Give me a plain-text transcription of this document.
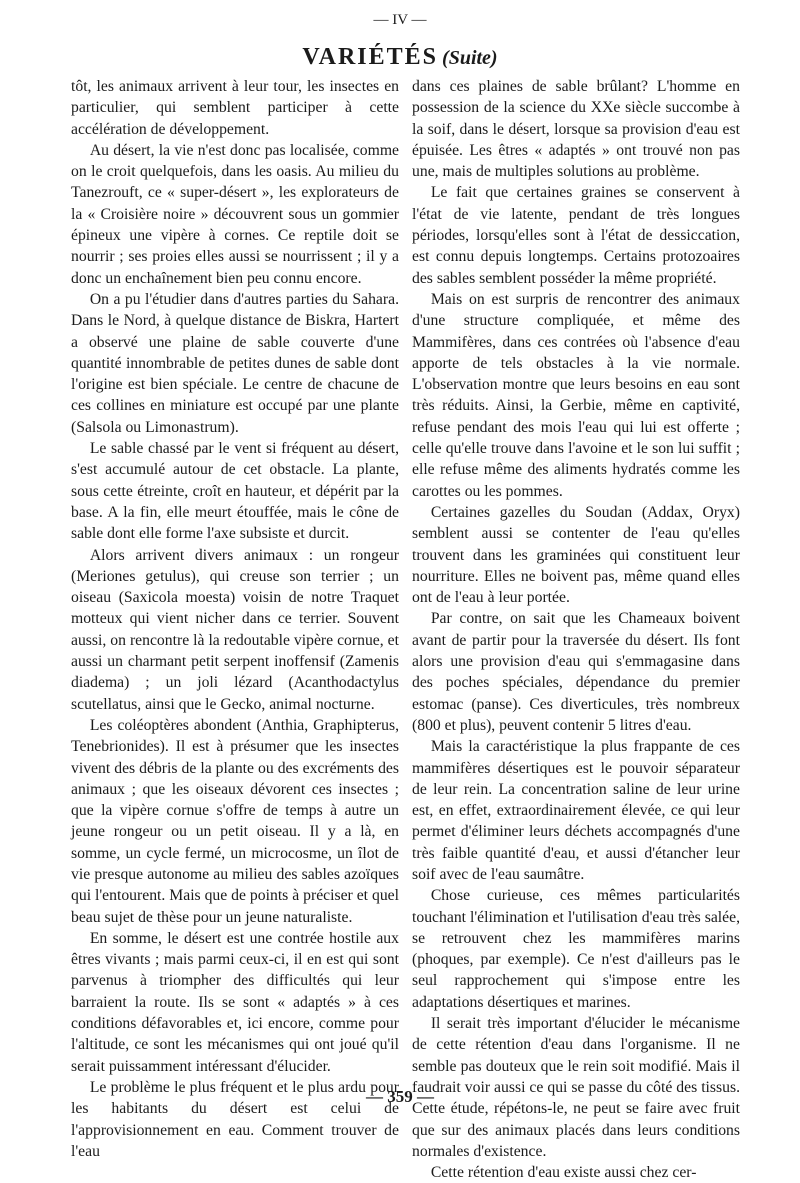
— IV —
VARIÉTÉS (Suite)

tôt, les animaux arrivent à leur tour, les insectes en particulier, qui semblent participer à cette accélération de développement.

Au désert, la vie n'est donc pas localisée, comme on le croit quelquefois, dans les oasis. Au milieu du Tanezrouft, ce « super-désert », les explorateurs de la « Croisière noire » découvrent sous un gommier épineux une vipère à cornes. Ce reptile doit se nourrir ; ses proies elles aussi se nourrissent ; il y a donc un enchaînement bien peu connu encore.

On a pu l'étudier dans d'autres parties du Sahara. Dans le Nord, à quelque distance de Biskra, Hartert a observé une plaine de sable couverte d'une quantité innombrable de petites dunes de sable dont l'origine est bien spéciale. Le centre de chacune de ces collines en miniature est occupé par une plante (Salsola ou Limonastrum).

Le sable chassé par le vent si fréquent au désert, s'est accumulé autour de cet obstacle. La plante, sous cette étreinte, croît en hauteur, et dépérit par la base. A la fin, elle meurt étouffée, mais le cône de sable dont elle forme l'axe subsiste et durcit.

Alors arrivent divers animaux : un rongeur (Meriones getulus), qui creuse son terrier ; un oiseau (Saxicola moesta) voisin de notre Traquet motteux qui vient nicher dans ce terrier. Souvent aussi, on rencontre là la redoutable vipère cornue, et aussi un charmant petit serpent inoffensif (Zamenis diadema) ; un joli lézard (Acanthodactylus scutellatus, ainsi que le Gecko, animal nocturne.

Les coléoptères abondent (Anthia, Graphipterus, Tenebrionides). Il est à présumer que les insectes vivent des débris de la plante ou des excréments des animaux ; que les oiseaux dévorent ces insectes ; que la vipère cornue s'offre de temps à autre un jeune rongeur ou un petit oiseau. Il y a là, en somme, un cycle fermé, un microcosme, un îlot de vie presque autonome au milieu des sables azoïques qui l'entourent. Mais que de points à préciser et quel beau sujet de thèse pour un jeune naturaliste.

En somme, le désert est une contrée hostile aux êtres vivants ; mais parmi ceux-ci, il en est qui sont parvenus à triompher des difficultés qui leur barraient la route. Ils se sont « adaptés » à ces conditions défavorables et, ici encore, comme pour l'altitude, ce sont les mécanismes qui ont joué qu'il serait puissamment intéressant d'élucider.

Le problème le plus fréquent et le plus ardu pour les habitants du désert est celui de l'approvisionnement en eau. Comment trouver de l'eau

dans ces plaines de sable brûlant? L'homme en possession de la science du XXe siècle succombe à la soif, dans le désert, lorsque sa provision d'eau est épuisée. Les êtres « adaptés » ont trouvé non pas une, mais de multiples solutions au problème.

Le fait que certaines graines se conservent à l'état de vie latente, pendant de très longues périodes, lorsqu'elles sont à l'état de dessiccation, est connu depuis longtemps. Certains protozoaires des sables semblent posséder la même propriété.

Mais on est surpris de rencontrer des animaux d'une structure compliquée, et même des Mammifères, dans ces contrées où l'absence d'eau apporte de tels obstacles à la vie normale. L'observation montre que leurs besoins en eau sont très réduits. Ainsi, la Gerbie, même en captivité, refuse pendant des mois l'eau qui lui est offerte ; celle qu'elle trouve dans l'avoine et le son lui suffit ; elle refuse même des aliments hydratés comme les carottes ou les pommes.

Certaines gazelles du Soudan (Addax, Oryx) semblent aussi se contenter de l'eau qu'elles trouvent dans les graminées qui constituent leur nourriture. Elles ne boivent pas, même quand elles ont de l'eau à leur portée.

Par contre, on sait que les Chameaux boivent avant de partir pour la traversée du désert. Ils font alors une provision d'eau qui s'emmagasine dans des poches spéciales, dépendance du premier estomac (panse). Ces diverticules, très nombreux (800 et plus), peuvent contenir 5 litres d'eau.

Mais la caractéristique la plus frappante de ces mammifères désertiques est le pouvoir séparateur de leur rein. La concentration saline de leur urine est, en effet, extraordinairement élevée, ce qui leur permet d'éliminer leurs déchets accompagnés d'une très faible quantité d'eau, et aussi d'étancher leur soif avec de l'eau saumâtre.

Chose curieuse, ces mêmes particularités touchant l'élimination et l'utilisation d'eau très salée, se retrouvent chez les mammifères marins (phoques, par exemple). Ce n'est d'ailleurs pas le seul rapprochement qui s'impose entre les adaptations désertiques et marines.

Il serait très important d'élucider le mécanisme de cette rétention d'eau dans l'organisme. Il ne semble pas douteux que le rein soit modifié. Mais il faudrait voir aussi ce qui se passe du côté des tissus. Cette étude, répétons-le, ne peut se faire avec fruit que sur des animaux placés dans leurs conditions normales d'existence.

Cette rétention d'eau existe aussi chez cer-

— 359 —
